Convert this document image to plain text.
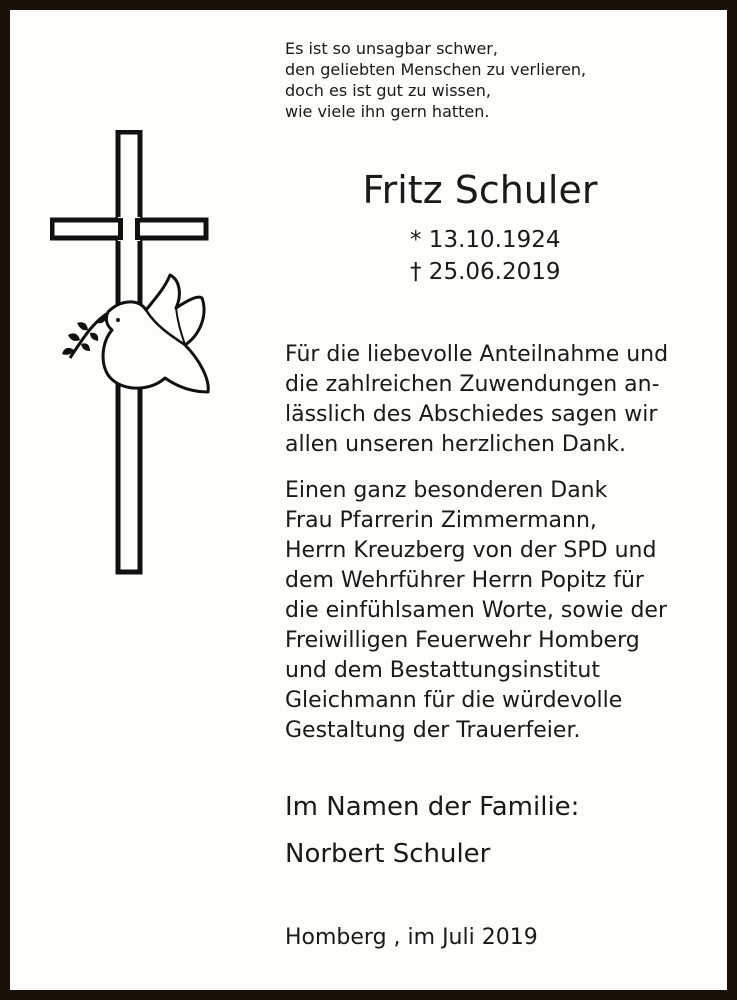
Es ist so unsagbar schwer,
den geliebten Menschen zu verlieren,
doch es ist gut zu wissen,
wie viele ihn gern hatten.
Fritz Schuler
* 13.10.1924
† 25.06.2019
Für die liebevolle Anteilnahme und
die zahlreichen Zuwendungen an-
lässlich des Abschiedes sagen wir
allen unseren herzlichen Dank.
Einen ganz besonderen Dank
Frau Pfarrerin Zimmermann,
Herrn Kreuzberg von der SPD und
dem Wehrführer Herrn Popitz für
die einfühlsamen Worte, sowie der
Freiwilligen Feuerwehr Homberg
und dem Bestattungsinstitut
Gleichmann für die würdevolle
Gestaltung der Trauerfeier.
Im Namen der Familie:
Norbert Schuler
Homberg , im Juli 2019
